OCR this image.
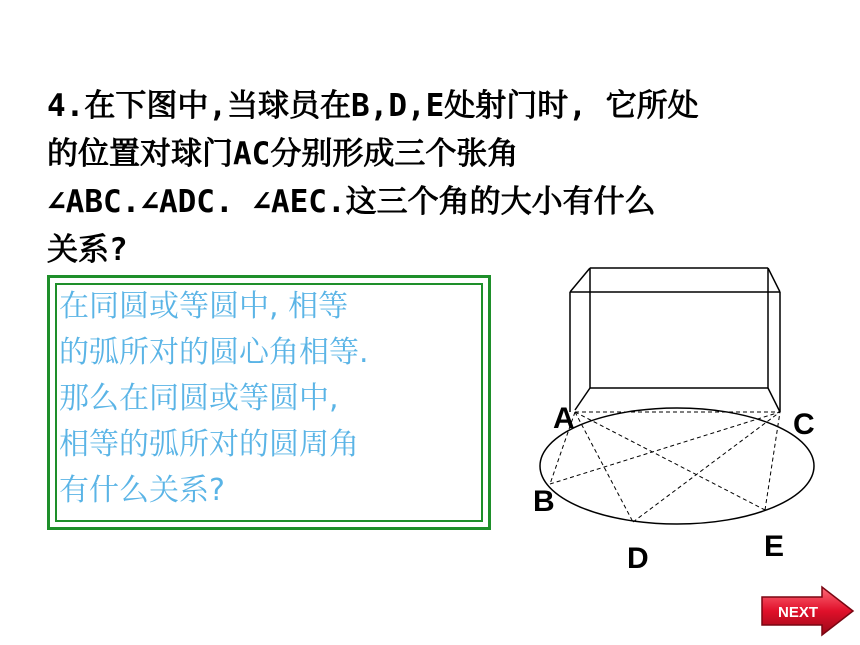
4.在下图中,当球员在B,D,E处射门时, 它所处
的位置对球门AC分别形成三个张角
∠ABC.∠ADC. ∠AEC.这三个角的大小有什么
关系?
在同圆或等圆中, 相等
的弧所对的圆心角相等.
那么在同圆或等圆中,
相等的弧所对的圆周角
有什么关系?
A	C
B
D	E
NEXT
